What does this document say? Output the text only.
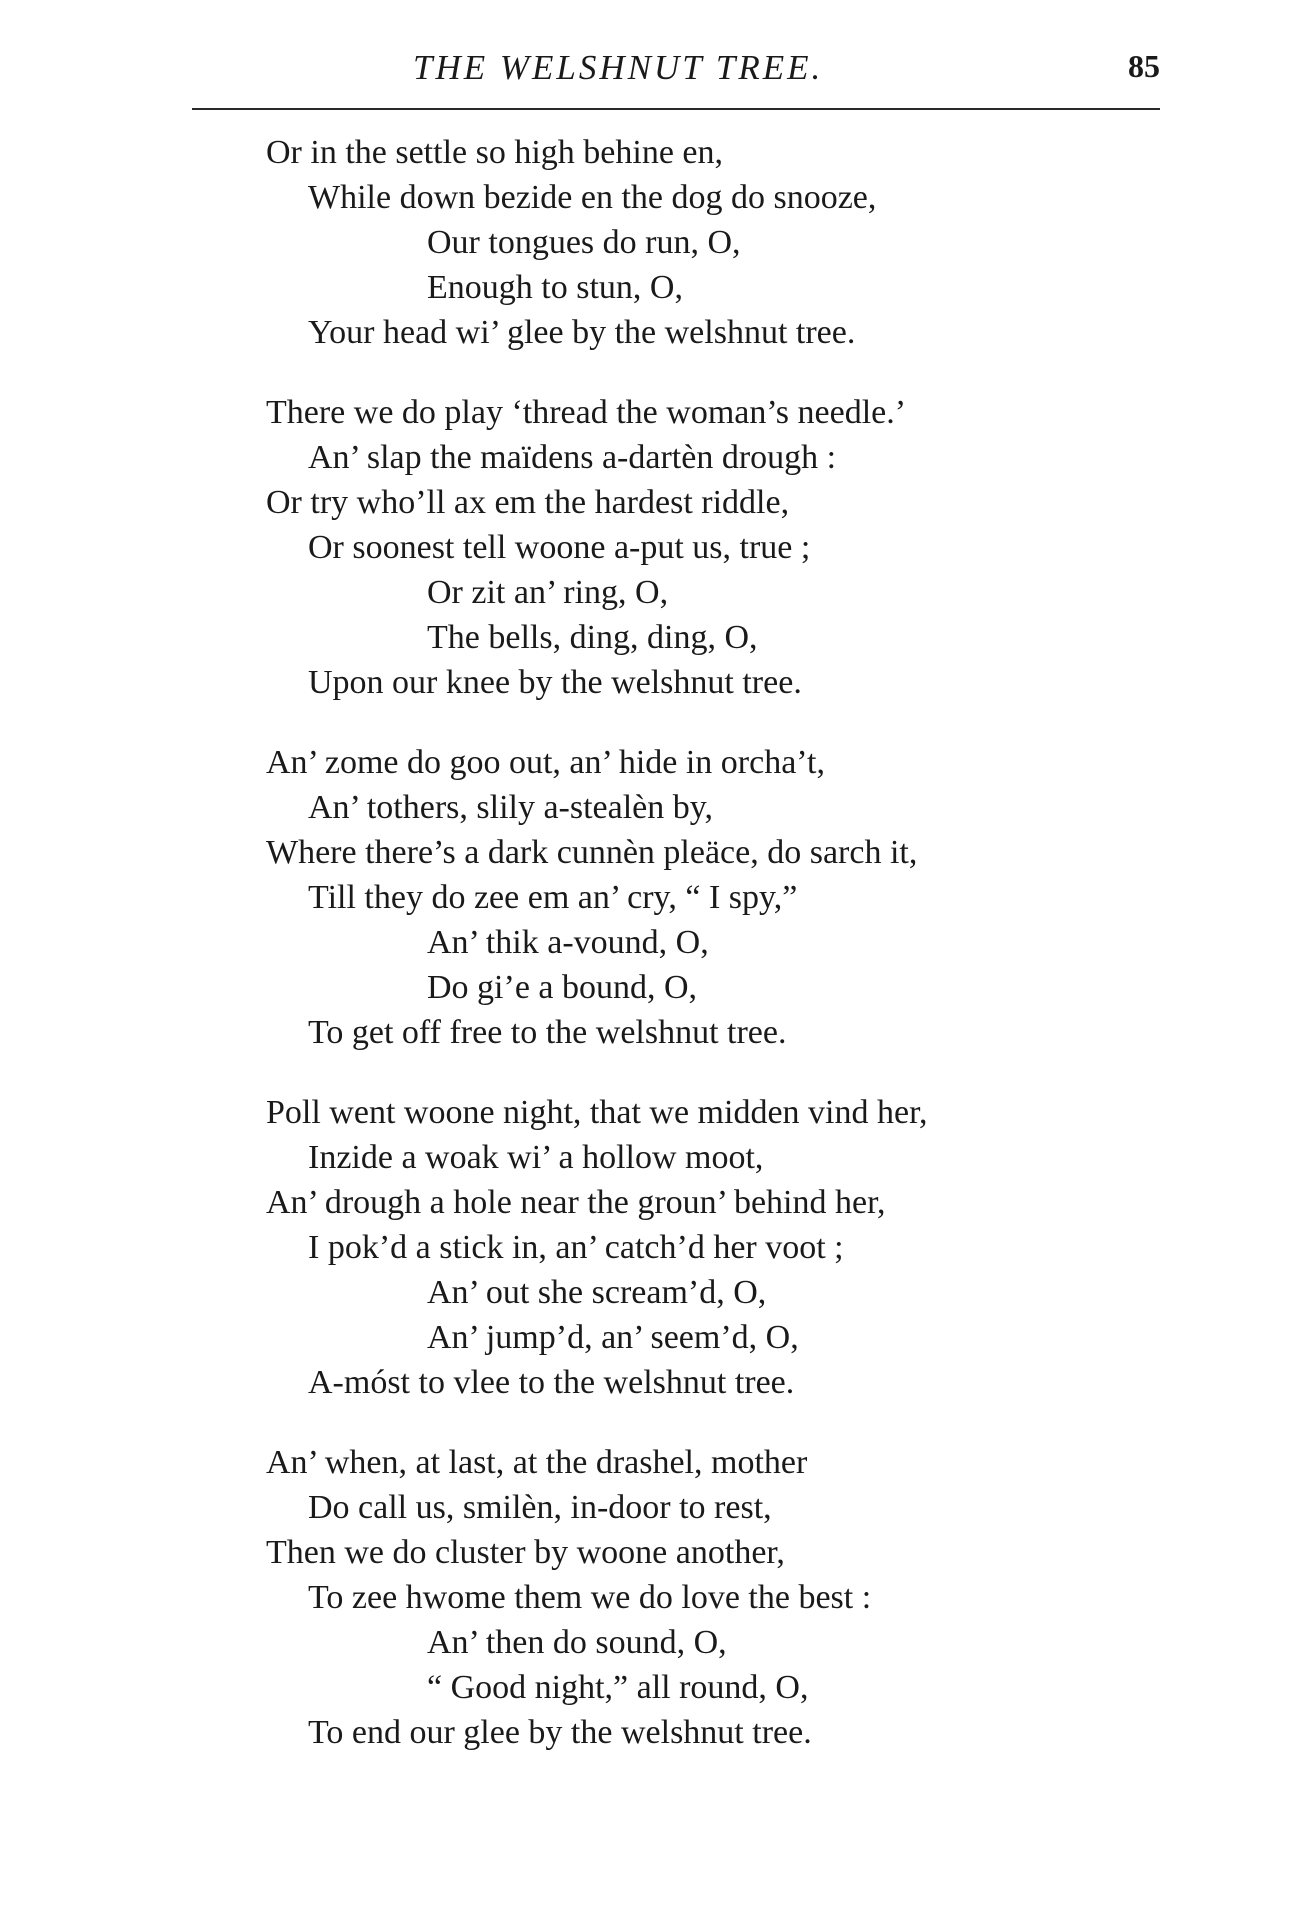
THE WELSHNUT TREE.	85
Or in the settle so high behine en,
While down bezide en the dog do snooze,
Our tongues do run, O,
Enough to stun, O,
Your head wi’ glee by the welshnut tree.
There we do play ‘thread the woman’s needle.’
An’ slap the maïdens a-dartèn drough :
Or try who’ll ax em the hardest riddle,
Or soonest tell woone a-put us, true ;
Or zit an’ ring, O,
The bells, ding, ding, O,
Upon our knee by the welshnut tree.
An’ zome do goo out, an’ hide in orcha’t,
An’ tothers, slily a-stealèn by,
Where there’s a dark cunnèn pleäce, do sarch it,
Till they do zee em an’ cry, “ I spy,”
An’ thik a-vound, O,
Do gi’e a bound, O,
To get off free to the welshnut tree.
Poll went woone night, that we midden vind her,
Inzide a woak wi’ a hollow moot,
An’ drough a hole near the groun’ behind her,
I pok’d a stick in, an’ catch’d her voot ;
An’ out she scream’d, O,
An’ jump’d, an’ seem’d, O,
A-móst to vlee to the welshnut tree.
An’ when, at last, at the drashel, mother
Do call us, smilèn, in-door to rest,
Then we do cluster by woone another,
To zee hwome them we do love the best :
An’ then do sound, O,
“ Good night,” all round, O,
To end our glee by the welshnut tree.
